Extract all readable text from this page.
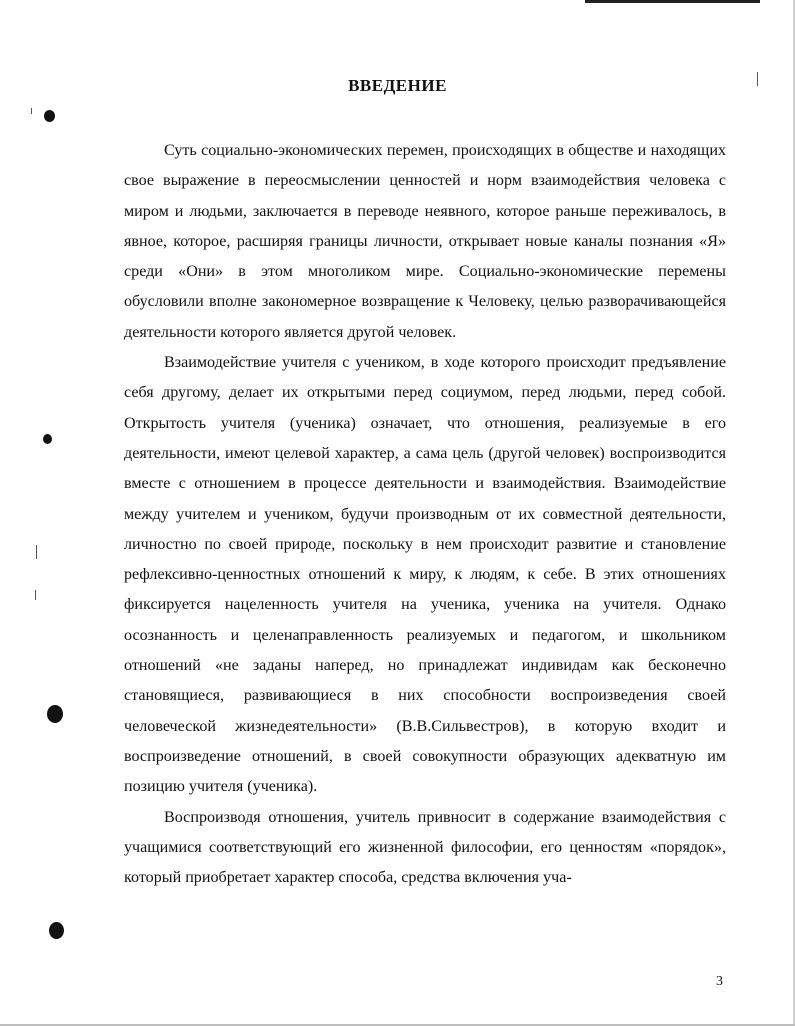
ВВЕДЕНИЕ

Суть социально-экономических перемен, происходящих в обществе и находящих свое выражение в переосмыслении ценностей и норм взаимодействия человека с миром и людьми, заключается в переводе неявного, которое раньше переживалось, в явное, которое, расширяя границы личности, открывает новые каналы познания «Я» среди «Они» в этом многоликом мире. Социально-экономические перемены обусловили вполне закономерное возвращение к Человеку, целью разворачивающейся деятельности которого является другой человек.

Взаимодействие учителя с учеником, в ходе которого происходит предъявление себя другому, делает их открытыми перед социумом, перед людьми, перед собой. Открытость учителя (ученика) означает, что отношения, реализуемые в его деятельности, имеют целевой характер, а сама цель (другой человек) воспроизводится вместе с отношением в процессе деятельности и взаимодействия. Взаимодействие между учителем и учеником, будучи производным от их совместной деятельности, личностно по своей природе, поскольку в нем происходит развитие и становление рефлексивно-ценностных отношений к миру, к людям, к себе. В этих отношениях фиксируется нацеленность учителя на ученика, ученика на учителя. Однако осознанность и целенаправленность реализуемых и педагогом, и школьником отношений «не заданы наперед, но принадлежат индивидам как бесконечно становящиеся, развивающиеся в них способности воспроизведения своей человеческой жизнедеятельности» (В.В.Сильвестров), в которую входит и воспроизведение отношений, в своей совокупности образующих адекватную им позицию учителя (ученика).

Воспроизводя отношения, учитель привносит в содержание взаимодействия с учащимися соответствующий его жизненной философии, его ценностям «порядок», который приобретает характер способа, средства включения уча-

3
